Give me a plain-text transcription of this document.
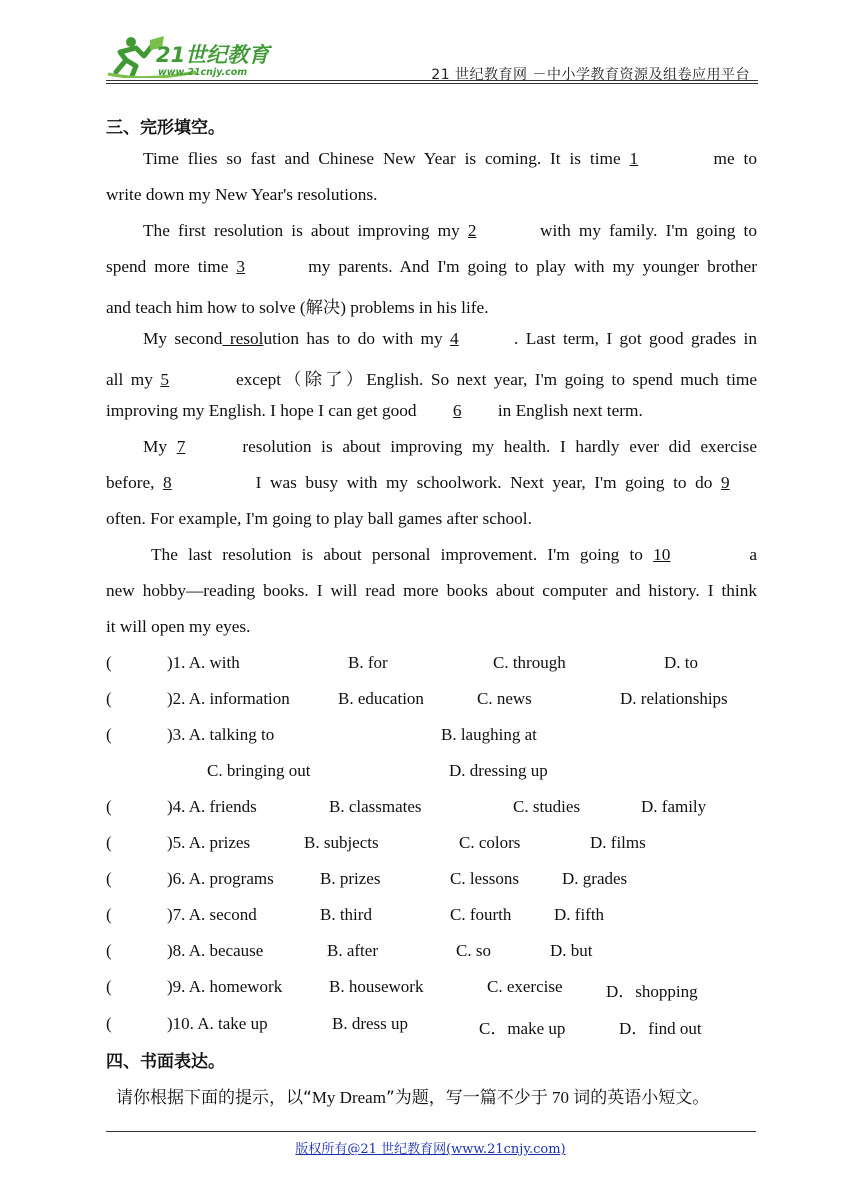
21世纪教育
www.21cnjy.com	21 世纪教育网 －中小学教育资源及组卷应用平台
三、完形填空。
Time flies so fast and Chinese New Year is coming. It is time 1	me to
write down my New Year's resolutions.
The first resolution is about improving my 2	with my family. I'm going to
spend more time 3	my parents. And I'm going to play with my younger brother
and teach him how to solve (解决) problems in his life.
My second resolution has to do with my 4	. Last term, I got good grades in
all my 5	except（除了）English. So next year, I'm going to spend much time
improving my English. I hope I can get good 6 in English next term.
My 7	resolution is about improving my health. I hardly ever did exercise
before, 8	I was busy with my schoolwork. Next year, I'm going to do 9
often. For example, I'm going to play ball games after school.
The last resolution is about personal improvement. I'm going to 10	a
new hobby—reading books. I will read more books about computer and history. I think
it will open my eyes.
(	)1. A. with	B. for	C. through	D. to
(	)2. A. information	B. education	C. news	D. relationships
(	)3. A. talking to	B. laughing at
C. bringing out	D. dressing up
(	)4. A. friends	B. classmates	C. studies	D. family
(	)5. A. prizes	B. subjects	C. colors	D. films
(	)6. A. programs	B. prizes	C. lessons	D. grades
(	)7. A. second	B. third	C. fourth	D. fifth
(	)8. A. because	B. after	C. so	D. but
(	)9. A. homework	B. housework	C. exercise	D．shopping
(	)10. A. take up	B. dress up	C．make up	D．find out
四、书面表达。
请你根据下面的提示，以“My Dream”为题，写一篇不少于 70 词的英语小短文。
版权所有@21 世纪教育网(www.21cnjy.com)
